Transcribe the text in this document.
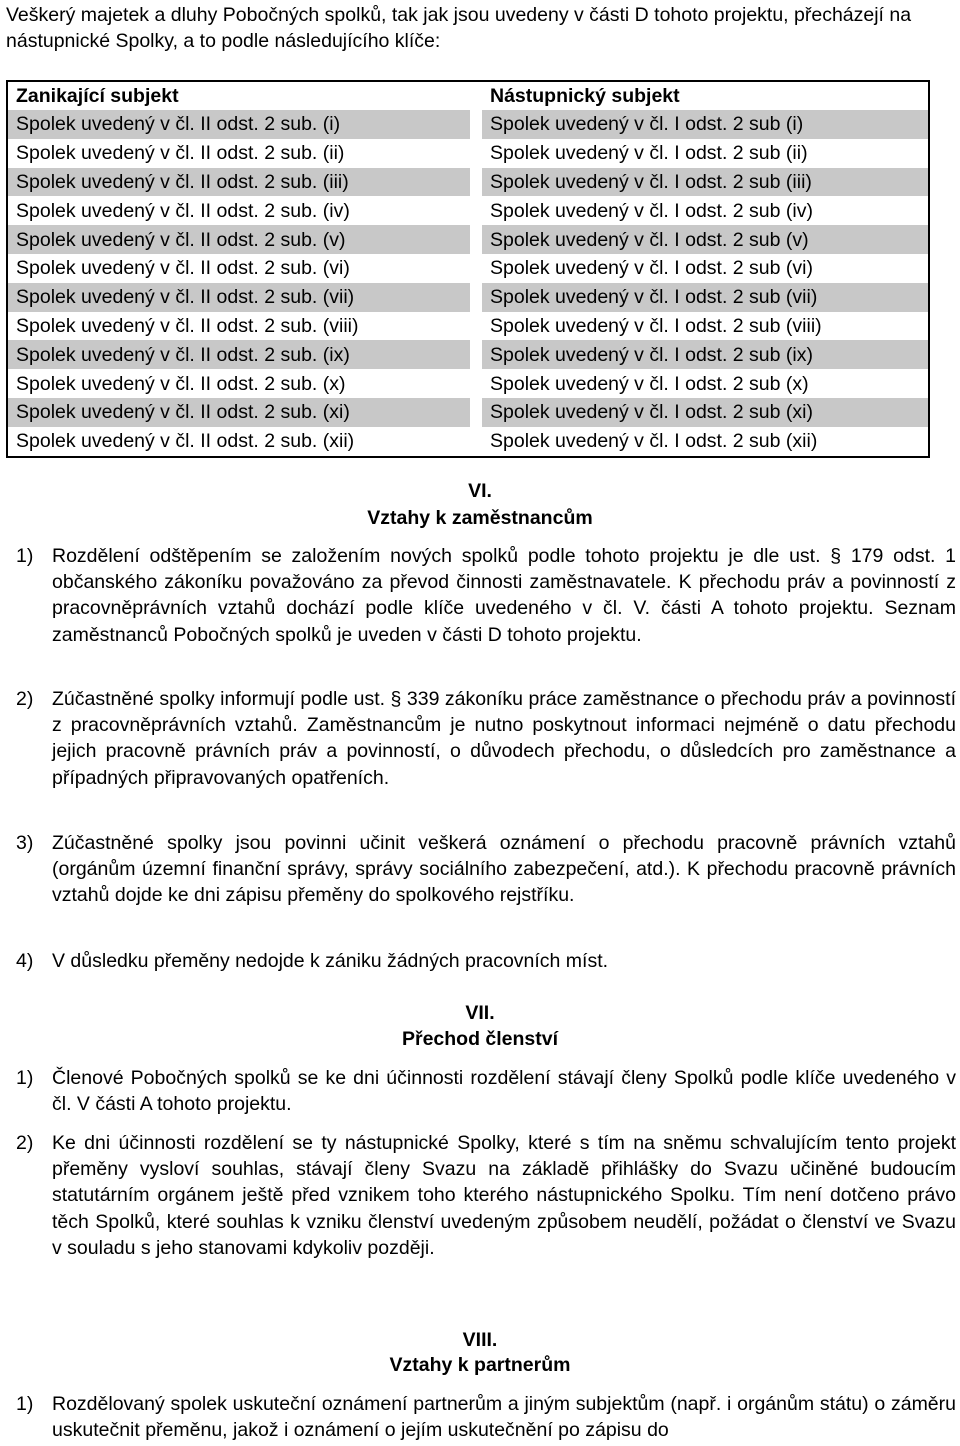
Veškerý majetek a dluhy Pobočných spolků, tak jak jsou uvedeny v části D tohoto projektu, přecházejí na nástupnické Spolky, a to podle následujícího klíče:
Zanikající subjekt		Nástupnický subjekt
Spolek uvedený v čl. II odst. 2 sub. (i)		Spolek uvedený v čl. I odst. 2 sub (i)
Spolek uvedený v čl. II odst. 2 sub. (ii)		Spolek uvedený v čl. I odst. 2 sub (ii)
Spolek uvedený v čl. II odst. 2 sub. (iii)		Spolek uvedený v čl. I odst. 2 sub (iii)
Spolek uvedený v čl. II odst. 2 sub. (iv)		Spolek uvedený v čl. I odst. 2 sub (iv)
Spolek uvedený v čl. II odst. 2 sub. (v)		Spolek uvedený v čl. I odst. 2 sub (v)
Spolek uvedený v čl. II odst. 2 sub. (vi)		Spolek uvedený v čl. I odst. 2 sub (vi)
Spolek uvedený v čl. II odst. 2 sub. (vii)		Spolek uvedený v čl. I odst. 2 sub (vii)
Spolek uvedený v čl. II odst. 2 sub. (viii)		Spolek uvedený v čl. I odst. 2 sub (viii)
Spolek uvedený v čl. II odst. 2 sub. (ix)		Spolek uvedený v čl. I odst. 2 sub (ix)
Spolek uvedený v čl. II odst. 2 sub. (x)		Spolek uvedený v čl. I odst. 2 sub (x)
Spolek uvedený v čl. II odst. 2 sub. (xi)		Spolek uvedený v čl. I odst. 2 sub (xi)
Spolek uvedený v čl. II odst. 2 sub. (xii)		Spolek uvedený v čl. I odst. 2 sub (xii)
VI.
Vztahy k zaměstnancům
1) Rozdělení odštěpením se založením nových spolků podle tohoto projektu je dle ust. § 179 odst. 1 občanského zákoníku považováno za převod činnosti zaměstnavatele. K přechodu práv a povinností z pracovněprávních vztahů dochází podle klíče uvedeného v čl. V. části A tohoto projektu. Seznam zaměstnanců Pobočných spolků je uveden v části D tohoto projektu.
2) Zúčastněné spolky informují podle ust. § 339 zákoníku práce zaměstnance o přechodu práv a povinností z pracovněprávních vztahů. Zaměstnancům je nutno poskytnout informaci nejméně o datu přechodu jejich pracovně právních práv a povinností, o důvodech přechodu, o důsledcích pro zaměstnance a případných připravovaných opatřeních.
3) Zúčastněné spolky jsou povinni učinit veškerá oznámení o přechodu pracovně právních vztahů (orgánům územní finanční správy, správy sociálního zabezpečení, atd.). K přechodu pracovně právních vztahů dojde ke dni zápisu přeměny do spolkového rejstříku.
4) V důsledku přeměny nedojde k zániku žádných pracovních míst.
VII.
Přechod členství
1) Členové Pobočných spolků se ke dni účinnosti rozdělení stávají členy Spolků podle klíče uvedeného v čl. V části A tohoto projektu.
2) Ke dni účinnosti rozdělení se ty nástupnické Spolky, které s tím na sněmu schvalujícím tento projekt přeměny vysloví souhlas, stávají členy Svazu na základě přihlášky do Svazu učiněné budoucím statutárním orgánem ještě před vznikem toho kterého nástupnického Spolku. Tím není dotčeno právo těch Spolků, které souhlas k vzniku členství uvedeným způsobem neudělí, požádat o členství ve Svazu v souladu s jeho stanovami kdykoliv později.
VIII.
Vztahy k partnerům
1) Rozdělovaný spolek uskuteční oznámení partnerům a jiným subjektům (např. i orgánům státu) o záměru uskutečnit přeměnu, jakož i oznámení o jejím uskutečnění po zápisu do
